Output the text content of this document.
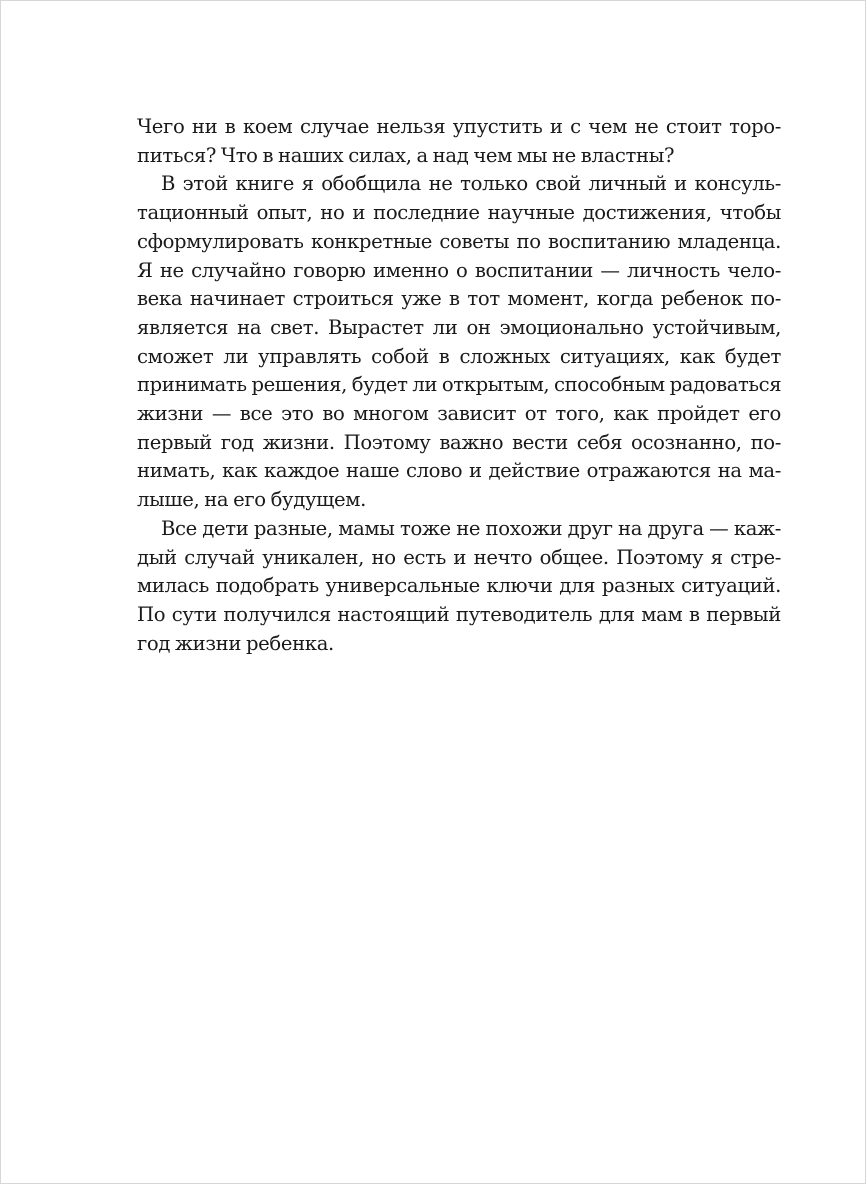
Чего ни в коем случае нельзя упустить и с чем не стоит торо-
питься? Что в наших силах, а над чем мы не властны?
В этой книге я обобщила не только свой личный и консуль-
тационный опыт, но и последние научные достижения, чтобы
сформулировать конкретные советы по воспитанию младенца.
Я не случайно говорю именно о воспитании — личность чело-
века начинает строиться уже в тот момент, когда ребенок по-
является на свет. Вырастет ли он эмоционально устойчивым,
сможет ли управлять собой в сложных ситуациях, как будет
принимать решения, будет ли открытым, способным радоваться
жизни — все это во многом зависит от того, как пройдет его
первый год жизни. Поэтому важно вести себя осознанно, по-
нимать, как каждое наше слово и действие отражаются на ма-
лыше, на его будущем.
Все дети разные, мамы тоже не похожи друг на друга — каж-
дый случай уникален, но есть и нечто общее. Поэтому я стре-
милась подобрать универсальные ключи для разных ситуаций.
По сути получился настоящий путеводитель для мам в первый
год жизни ребенка.
